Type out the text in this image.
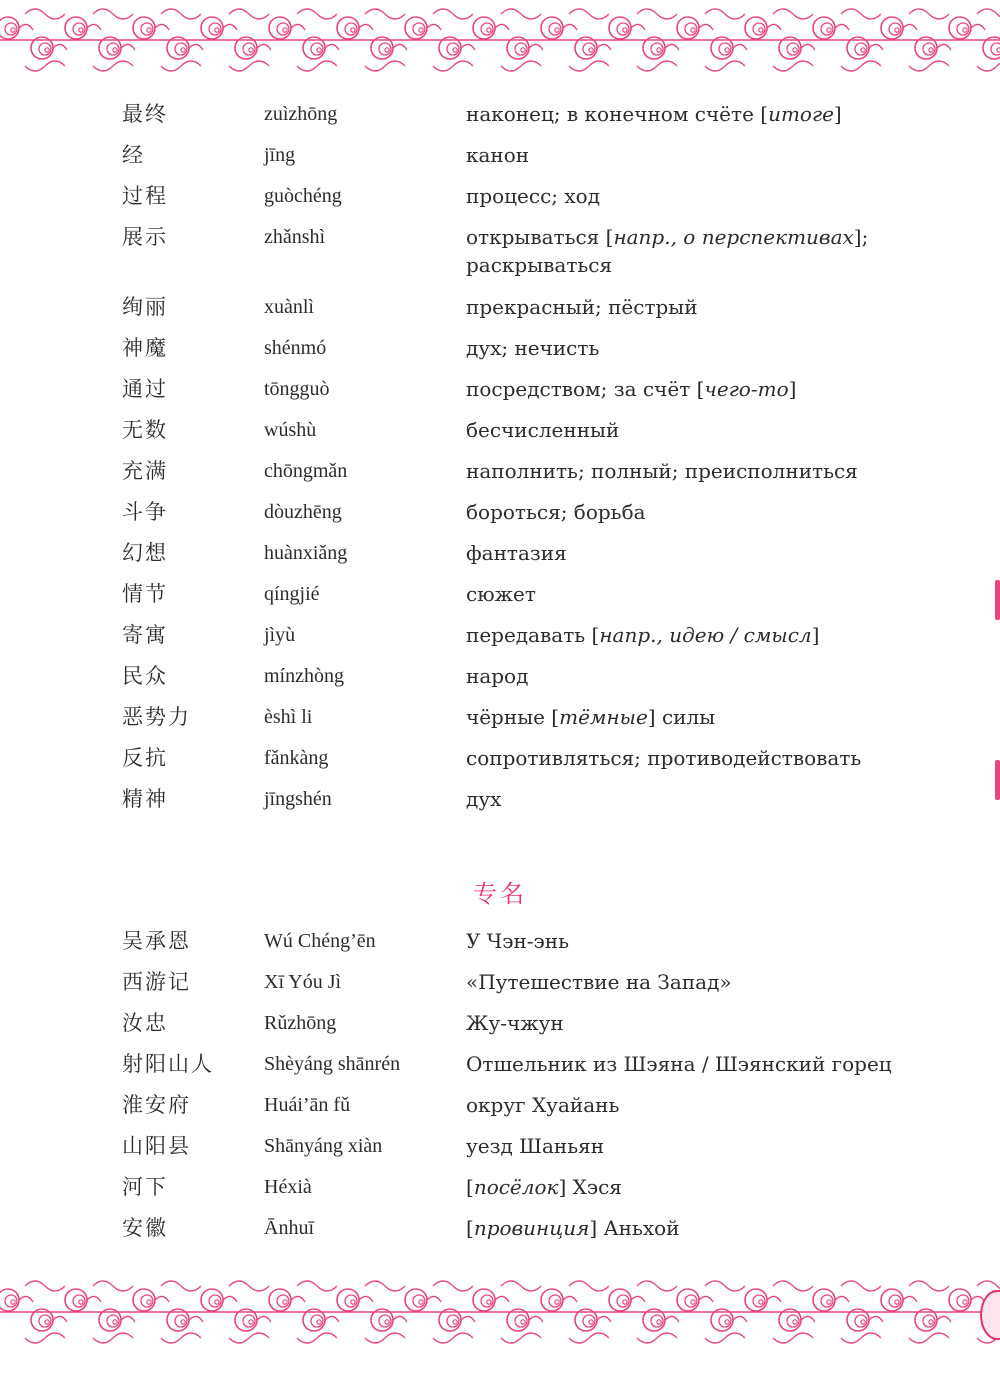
最终	zuìzhōng	наконец; в конечном счёте [итоге]
经	jīng	канон
过程	guòchéng	процесс; ход
展示	zhǎnshì	открываться [напр., о перспективах]; раскрываться
绚丽	xuànlì	прекрасный; пёстрый
神魔	shénmó	дух; нечисть
通过	tōngguò	посредством; за счёт [чего-то]
无数	wúshù	бесчисленный
充满	chōngmǎn	наполнить; полный; преисполниться
斗争	dòuzhēng	бороться; борьба
幻想	huànxiǎng	фантазия
情节	qíngjié	сюжет
寄寓	jìyù	передавать [напр., идею / смысл]
民众	mínzhòng	народ
恶势力	èshì li	чёрные [тёмные] силы
反抗	fǎnkàng	сопротивляться; противодействовать
精神	jīngshén	дух
专名
吴承恩	Wú Chéng’ēn	У Чэн-энь
西游记	Xī Yóu Jì	«Путешествие на Запад»
汝忠	Rǔzhōng	Жу-чжун
射阳山人	Shèyáng shānrén	Отшельник из Шэяна / Шэянский горец
淮安府	Huái’ān fǔ	округ Хуайань
山阳县	Shānyáng xiàn	уезд Шаньян
河下	Héxià	[посёлок] Хэся
安徽	Ānhuī	[провинция] Аньхой
